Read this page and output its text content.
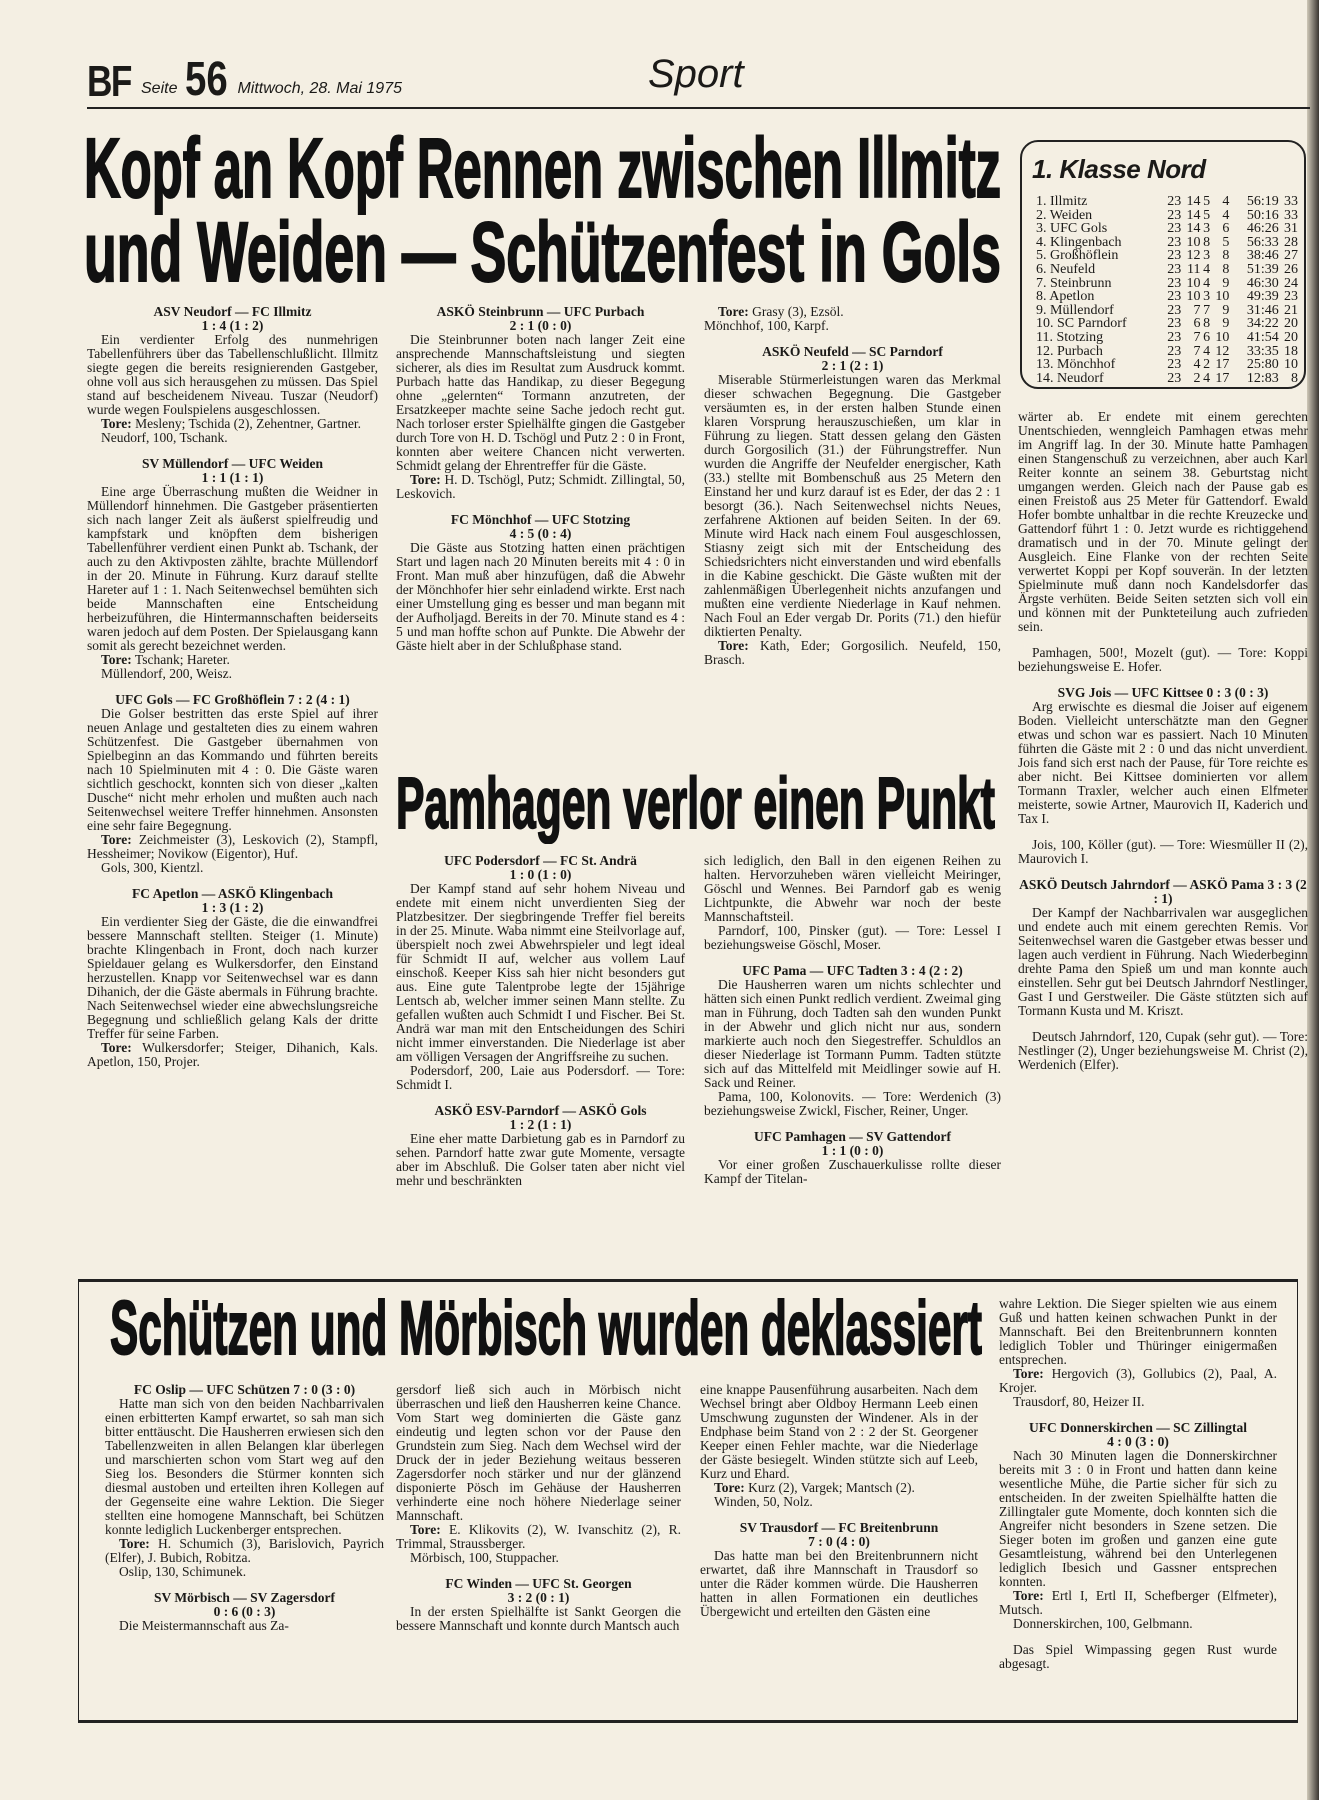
BF Seite 56 Mittwoch, 28. Mai 1975	Sport
Kopf an Kopf Rennen zwischen Illmitz
und Weiden — Schützenfest in Gols
1. Klasse Nord
1. Illmitz	23	14	5	4	56:19	33
2. Weiden	23	14	5	4	50:16	33
3. UFC Gols	23	14	3	6	46:26	31
4. Klingenbach	23	10	8	5	56:33	28
5. Großhöflein	23	12	3	8	38:46	27
6. Neufeld	23	11	4	8	51:39	26
7. Steinbrunn	23	10	4	9	46:30	24
8. Apetlon	23	10	3	10	49:39	23
9. Müllendorf	23	7	7	9	31:46	21
10. SC Parndorf	23	6	8	9	34:22	20
11. Stotzing	23	7	6	10	41:54	20
12. Purbach	23	7	4	12	33:35	18
13. Mönchhof	23	4	2	17	25:80	10
14. Neudorf	23	2	4	17	12:83	8
ASV Neudorf — FC Illmitz
1 : 4 (1 : 2)

Ein verdienter Erfolg des nunmehrigen Tabellenführers über das Tabellenschlußlicht. Illmitz siegte gegen die bereits resignierenden Gastgeber, ohne voll aus sich herausgehen zu müssen. Das Spiel stand auf bescheidenem Niveau. Tuszar (Neudorf) wurde wegen Foulspielens ausgeschlossen.

Tore: Mesleny; Tschida (2), Zehentner, Gartner.

Neudorf, 100, Tschank.

SV Müllendorf — UFC Weiden
1 : 1 (1 : 1)

Eine arge Überraschung mußten die Weidner in Müllendorf hinnehmen. Die Gastgeber präsentierten sich nach langer Zeit als äußerst spielfreudig und kampfstark und knöpften dem bisherigen Tabellenführer verdient einen Punkt ab. Tschank, der auch zu den Aktivposten zählte, brachte Müllendorf in der 20. Minute in Führung. Kurz darauf stellte Hareter auf 1 : 1. Nach Seitenwechsel bemühten sich beide Mannschaften eine Entscheidung herbeizuführen, die Hintermannschaften beiderseits waren jedoch auf dem Posten. Der Spielausgang kann somit als gerecht bezeichnet werden.

Tore: Tschank; Hareter.

Müllendorf, 200, Weisz.

UFC Gols — FC Großhöflein 7 : 2 (4 : 1)

Die Golser bestritten das erste Spiel auf ihrer neuen Anlage und gestalteten dies zu einem wahren Schützenfest. Die Gastgeber übernahmen von Spielbeginn an das Kommando und führten bereits nach 10 Spielminuten mit 4 : 0. Die Gäste waren sichtlich geschockt, konnten sich von dieser „kalten Dusche“ nicht mehr erholen und mußten auch nach Seitenwechsel weitere Treffer hinnehmen. Ansonsten eine sehr faire Begegnung.

Tore: Zeichmeister (3), Leskovich (2), Stampfl, Hessheimer; Novikow (Eigentor), Huf.

Gols, 300, Kientzl.

FC Apetlon — ASKÖ Klingenbach
1 : 3 (1 : 2)

Ein verdienter Sieg der Gäste, die die einwandfrei bessere Mannschaft stellten. Steiger (1. Minute) brachte Klingenbach in Front, doch nach kurzer Spieldauer gelang es Wulkersdorfer, den Einstand herzustellen. Knapp vor Seitenwechsel war es dann Dihanich, der die Gäste abermals in Führung brachte. Nach Seitenwechsel wieder eine abwechslungsreiche Begegnung und schließlich gelang Kals der dritte Treffer für seine Farben.

Tore: Wulkersdorfer; Steiger, Dihanich, Kals. Apetlon, 150, Projer.

ASKÖ Steinbrunn — UFC Purbach
2 : 1 (0 : 0)

Die Steinbrunner boten nach langer Zeit eine ansprechende Mannschaftsleistung und siegten sicherer, als dies im Resultat zum Ausdruck kommt. Purbach hatte das Handikap, zu dieser Begegung ohne „gelernten“ Tormann anzutreten, der Ersatzkeeper machte seine Sache jedoch recht gut. Nach torloser erster Spielhälfte gingen die Gastgeber durch Tore von H. D. Tschögl und Putz 2 : 0 in Front, konnten aber weitere Chancen nicht verwerten. Schmidt gelang der Ehrentreffer für die Gäste.

Tore: H. D. Tschögl, Putz; Schmidt. Zillingtal, 50, Leskovich.

FC Mönchhof — UFC Stotzing
4 : 5 (0 : 4)

Die Gäste aus Stotzing hatten einen prächtigen Start und lagen nach 20 Minuten bereits mit 4 : 0 in Front. Man muß aber hinzufügen, daß die Abwehr der Mönchhofer hier sehr einladend wirkte. Erst nach einer Umstellung ging es besser und man begann mit der Aufholjagd. Bereits in der 70. Minute stand es 4 : 5 und man hoffte schon auf Punkte. Die Abwehr der Gäste hielt aber in der Schlußphase stand.

Tore: Grasy (3), Ezsöl.

Mönchhof, 100, Karpf.

ASKÖ Neufeld — SC Parndorf
2 : 1 (2 : 1)

Miserable Stürmerleistungen waren das Merkmal dieser schwachen Begegnung. Die Gastgeber versäumten es, in der ersten halben Stunde einen klaren Vorsprung herauszuschießen, um klar in Führung zu liegen. Statt dessen gelang den Gästen durch Gorgosilich (31.) der Führungstreffer. Nun wurden die Angriffe der Neufelder energischer, Kath (33.) stellte mit Bombenschuß aus 25 Metern den Einstand her und kurz darauf ist es Eder, der das 2 : 1 besorgt (36.). Nach Seitenwechsel nichts Neues, zerfahrene Aktionen auf beiden Seiten. In der 69. Minute wird Hack nach einem Foul ausgeschlossen, Stiasny zeigt sich mit der Entscheidung des Schiedsrichters nicht einverstanden und wird ebenfalls in die Kabine geschickt. Die Gäste wußten mit der zahlenmäßigen Überlegenheit nichts anzufangen und mußten eine verdiente Niederlage in Kauf nehmen. Nach Foul an Eder vergab Dr. Porits (71.) den hiefür diktierten Penalty.

Tore: Kath, Eder; Gorgosilich. Neufeld, 150, Brasch.

wärter ab. Er endete mit einem gerechten Unentschieden, wenngleich Pamhagen etwas mehr im Angriff lag. In der 30. Minute hatte Pamhagen einen Stangenschuß zu verzeichnen, aber auch Karl Reiter konnte an seinem 38. Geburtstag nicht umgangen werden. Gleich nach der Pause gab es einen Freistoß aus 25 Meter für Gattendorf. Ewald Hofer bombte unhaltbar in die rechte Kreuzecke und Gattendorf führt 1 : 0. Jetzt wurde es richtiggehend dramatisch und in der 70. Minute gelingt der Ausgleich. Eine Flanke von der rechten Seite verwertet Koppi per Kopf souverän. In der letzten Spielminute muß dann noch Kandelsdorfer das Ärgste verhüten. Beide Seiten setzten sich voll ein und können mit der Punkteteilung auch zufrieden sein.

Pamhagen, 500!, Mozelt (gut). — Tore: Koppi beziehungsweise E. Hofer.

SVG Jois — UFC Kittsee 0 : 3 (0 : 3)

Arg erwischte es diesmal die Joiser auf eigenem Boden. Vielleicht unterschätzte man den Gegner etwas und schon war es passiert. Nach 10 Minuten führten die Gäste mit 2 : 0 und das nicht unverdient. Jois fand sich erst nach der Pause, für Tore reichte es aber nicht. Bei Kittsee dominierten vor allem Tormann Traxler, welcher auch einen Elfmeter meisterte, sowie Artner, Maurovich II, Kaderich und Tax I.

Jois, 100, Köller (gut). — Tore: Wiesmüller II (2), Maurovich I.

ASKÖ Deutsch Jahrndorf — ASKÖ Pama 3 : 3 (2 : 1)

Der Kampf der Nachbarrivalen war ausgeglichen und endete auch mit einem gerechten Remis. Vor Seitenwechsel waren die Gastgeber etwas besser und lagen auch verdient in Führung. Nach Wiederbeginn drehte Pama den Spieß um und man konnte auch einstellen. Sehr gut bei Deutsch Jahrndorf Nestlinger, Gast I und Gerstweiler. Die Gäste stützten sich auf Tormann Kusta und M. Kriszt.

Deutsch Jahrndorf, 120, Cupak (sehr gut). — Tore: Nestlinger (2), Unger beziehungsweise M. Christ (2), Werdenich (Elfer).

Pamhagen verlor einen Punkt
UFC Podersdorf — FC St. Andrä
1 : 0 (1 : 0)

Der Kampf stand auf sehr hohem Niveau und endete mit einem nicht unverdienten Sieg der Platzbesitzer. Der siegbringende Treffer fiel bereits in der 25. Minute. Waba nimmt eine Steilvorlage auf, überspielt noch zwei Abwehrspieler und legt ideal für Schmidt II auf, welcher aus vollem Lauf einschoß. Keeper Kiss sah hier nicht besonders gut aus. Eine gute Talentprobe legte der 15jährige Lentsch ab, welcher immer seinen Mann stellte. Zu gefallen wußten auch Schmidt I und Fischer. Bei St. Andrä war man mit den Entscheidungen des Schiri nicht immer einverstanden. Die Niederlage ist aber am völligen Versagen der Angriffsreihe zu suchen.

Podersdorf, 200, Laie aus Podersdorf. — Tore: Schmidt I.

ASKÖ ESV-Parndorf — ASKÖ Gols
1 : 2 (1 : 1)

Eine eher matte Darbietung gab es in Parndorf zu sehen. Parndorf hatte zwar gute Momente, versagte aber im Abschluß. Die Golser taten aber nicht viel mehr und beschränkten

sich lediglich, den Ball in den eigenen Reihen zu halten. Hervorzuheben wären vielleicht Meiringer, Göschl und Wennes. Bei Parndorf gab es wenig Lichtpunkte, die Abwehr war noch der beste Mannschaftsteil.

Parndorf, 100, Pinsker (gut). — Tore: Lessel I beziehungsweise Göschl, Moser.

UFC Pama — UFC Tadten 3 : 4 (2 : 2)

Die Hausherren waren um nichts schlechter und hätten sich einen Punkt redlich verdient. Zweimal ging man in Führung, doch Tadten sah den wunden Punkt in der Abwehr und glich nicht nur aus, sondern markierte auch noch den Siegestreffer. Schuldlos an dieser Niederlage ist Tormann Pumm. Tadten stützte sich auf das Mittelfeld mit Meidlinger sowie auf H. Sack und Reiner.

Pama, 100, Kolonovits. — Tore: Werdenich (3) beziehungsweise Zwickl, Fischer, Reiner, Unger.

UFC Pamhagen — SV Gattendorf
1 : 1 (0 : 0)

Vor einer großen Zuschauerkulisse rollte dieser Kampf der Titelan-

Schützen und Mörbisch wurden deklassiert
FC Oslip — UFC Schützen 7 : 0 (3 : 0)

Hatte man sich von den beiden Nachbarrivalen einen erbitterten Kampf erwartet, so sah man sich bitter enttäuscht. Die Hausherren erwiesen sich den Tabellenzweiten in allen Belangen klar überlegen und marschierten schon vom Start weg auf den Sieg los. Besonders die Stürmer konnten sich diesmal austoben und erteilten ihren Kollegen auf der Gegenseite eine wahre Lektion. Die Sieger stellten eine homogene Mannschaft, bei Schützen konnte lediglich Luckenberger entsprechen.

Tore: H. Schumich (3), Barislovich, Payrich (Elfer), J. Bubich, Robitza.

Oslip, 130, Schimunek.

SV Mörbisch — SV Zagersdorf
0 : 6 (0 : 3)

Die Meistermannschaft aus Za-

gersdorf ließ sich auch in Mörbisch nicht überraschen und ließ den Hausherren keine Chance. Vom Start weg dominierten die Gäste ganz eindeutig und legten schon vor der Pause den Grundstein zum Sieg. Nach dem Wechsel wird der Druck der in jeder Beziehung weitaus besseren Zagersdorfer noch stärker und nur der glänzend disponierte Pösch im Gehäuse der Hausherren verhinderte eine noch höhere Niederlage seiner Mannschaft.

Tore: E. Klikovits (2), W. Ivanschitz (2), R. Trimmal, Straussberger.

Mörbisch, 100, Stuppacher.

FC Winden — UFC St. Georgen
3 : 2 (0 : 1)

In der ersten Spielhälfte ist Sankt Georgen die bessere Mannschaft und konnte durch Mantsch auch

eine knappe Pausenführung ausarbeiten. Nach dem Wechsel bringt aber Oldboy Hermann Leeb einen Umschwung zugunsten der Windener. Als in der Endphase beim Stand von 2 : 2 der St. Georgener Keeper einen Fehler machte, war die Niederlage der Gäste besiegelt. Winden stützte sich auf Leeb, Kurz und Ehard.

Tore: Kurz (2), Vargek; Mantsch (2).

Winden, 50, Nolz.

SV Trausdorf — FC Breitenbrunn
7 : 0 (4 : 0)

Das hatte man bei den Breitenbrunnern nicht erwartet, daß ihre Mannschaft in Trausdorf so unter die Räder kommen würde. Die Hausherren hatten in allen Formationen ein deutliches Übergewicht und erteilten den Gästen eine

wahre Lektion. Die Sieger spielten wie aus einem Guß und hatten keinen schwachen Punkt in der Mannschaft. Bei den Breitenbrunnern konnten lediglich Tobler und Thüringer einigermaßen entsprechen.

Tore: Hergovich (3), Gollubics (2), Paal, A. Krojer.

Trausdorf, 80, Heizer II.

UFC Donnerskirchen — SC Zillingtal
4 : 0 (3 : 0)

Nach 30 Minuten lagen die Donnerskirchner bereits mit 3 : 0 in Front und hatten dann keine wesentliche Mühe, die Partie sicher für sich zu entscheiden. In der zweiten Spielhälfte hatten die Zillingtaler gute Momente, doch konnten sich die Angreifer nicht besonders in Szene setzen. Die Sieger boten im großen und ganzen eine gute Gesamtleistung, während bei den Unterlegenen lediglich Ibesich und Gassner entsprechen konnten.

Tore: Ertl I, Ertl II, Schefberger (Elfmeter), Mutsch.

Donnerskirchen, 100, Gelbmann.

Das Spiel Wimpassing gegen Rust wurde abgesagt.
